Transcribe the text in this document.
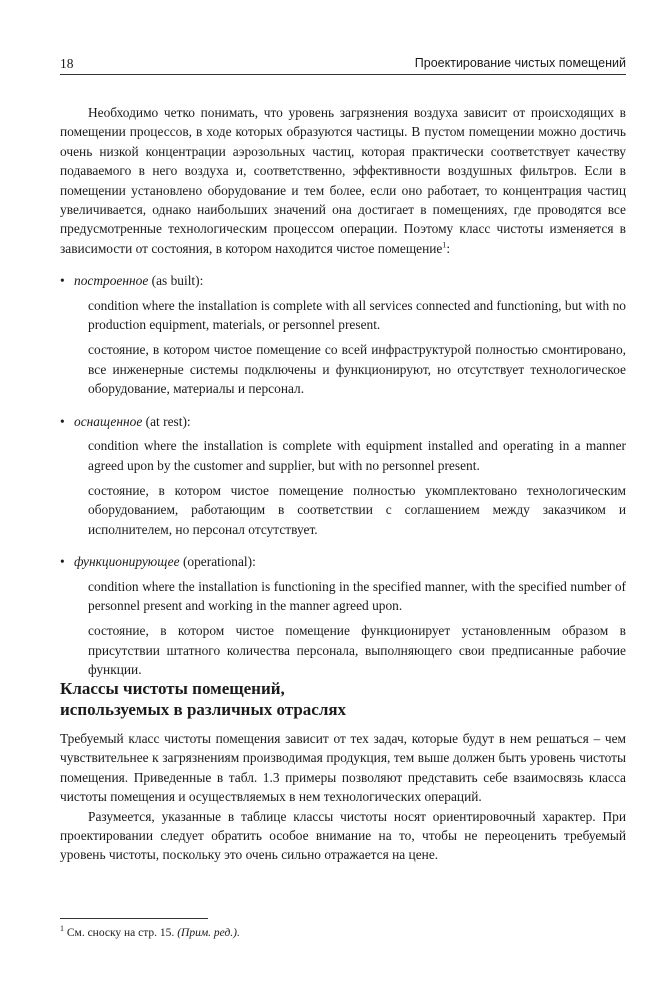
18	Проектирование чистых помещений

Необходимо четко понимать, что уровень загрязнения воздуха зависит от происходящих в помещении процессов, в ходе которых образуются частицы. В пустом помещении можно достичь очень низкой концентрации аэрозольных частиц, которая практически соответствует качеству подаваемого в него воздуха и, соответственно, эффективности воздушных фильтров. Если в помещении установлено оборудование и тем более, если оно работает, то концентрация частиц увеличивается, однако наибольших значений она достигает в помещениях, где проводятся все предусмотренные технологическим процессом операции. Поэтому класс чистоты изменяется в зависимости от состояния, в котором находится чистое помещение$^1$:

• построенное (as built):

condition where the installation is complete with all services connected and functioning, but with no production equipment, materials, or personnel present.

состояние, в котором чистое помещение со всей инфраструктурой полностью смонтировано, все инженерные системы подключены и функционируют, но отсутствует технологическое оборудование, материалы и персонал.

• оснащенное (at rest):

condition where the installation is complete with equipment installed and operating in a manner agreed upon by the customer and supplier, but with no personnel present.

состояние, в котором чистое помещение полностью укомплектовано технологическим оборудованием, работающим в соответствии с соглашением между заказчиком и исполнителем, но персонал отсутствует.

• функционирующее (operational):

condition where the installation is functioning in the specified manner, with the specified number of personnel present and working in the manner agreed upon.

состояние, в котором чистое помещение функционирует установленным образом в присутствии штатного количества персонала, выполняющего свои предписанные рабочие функции.

Классы чистоты помещений,
используемых в различных отраслях

Требуемый класс чистоты помещения зависит от тех задач, которые будут в нем решаться – чем чувствительнее к загрязнениям производимая продукция, тем выше должен быть уровень чистоты помещения. Приведенные в табл. 1.3 примеры позволяют представить себе взаимосвязь класса чистоты помещения и осуществляемых в нем технологических операций.

Разумеется, указанные в таблице классы чистоты носят ориентировочный характер. При проектировании следует обратить особое внимание на то, чтобы не переоценить требуемый уровень чистоты, поскольку это очень сильно отражается на цене.

$^1$ См. сноску на стр. 15. (Прим. ред.).
